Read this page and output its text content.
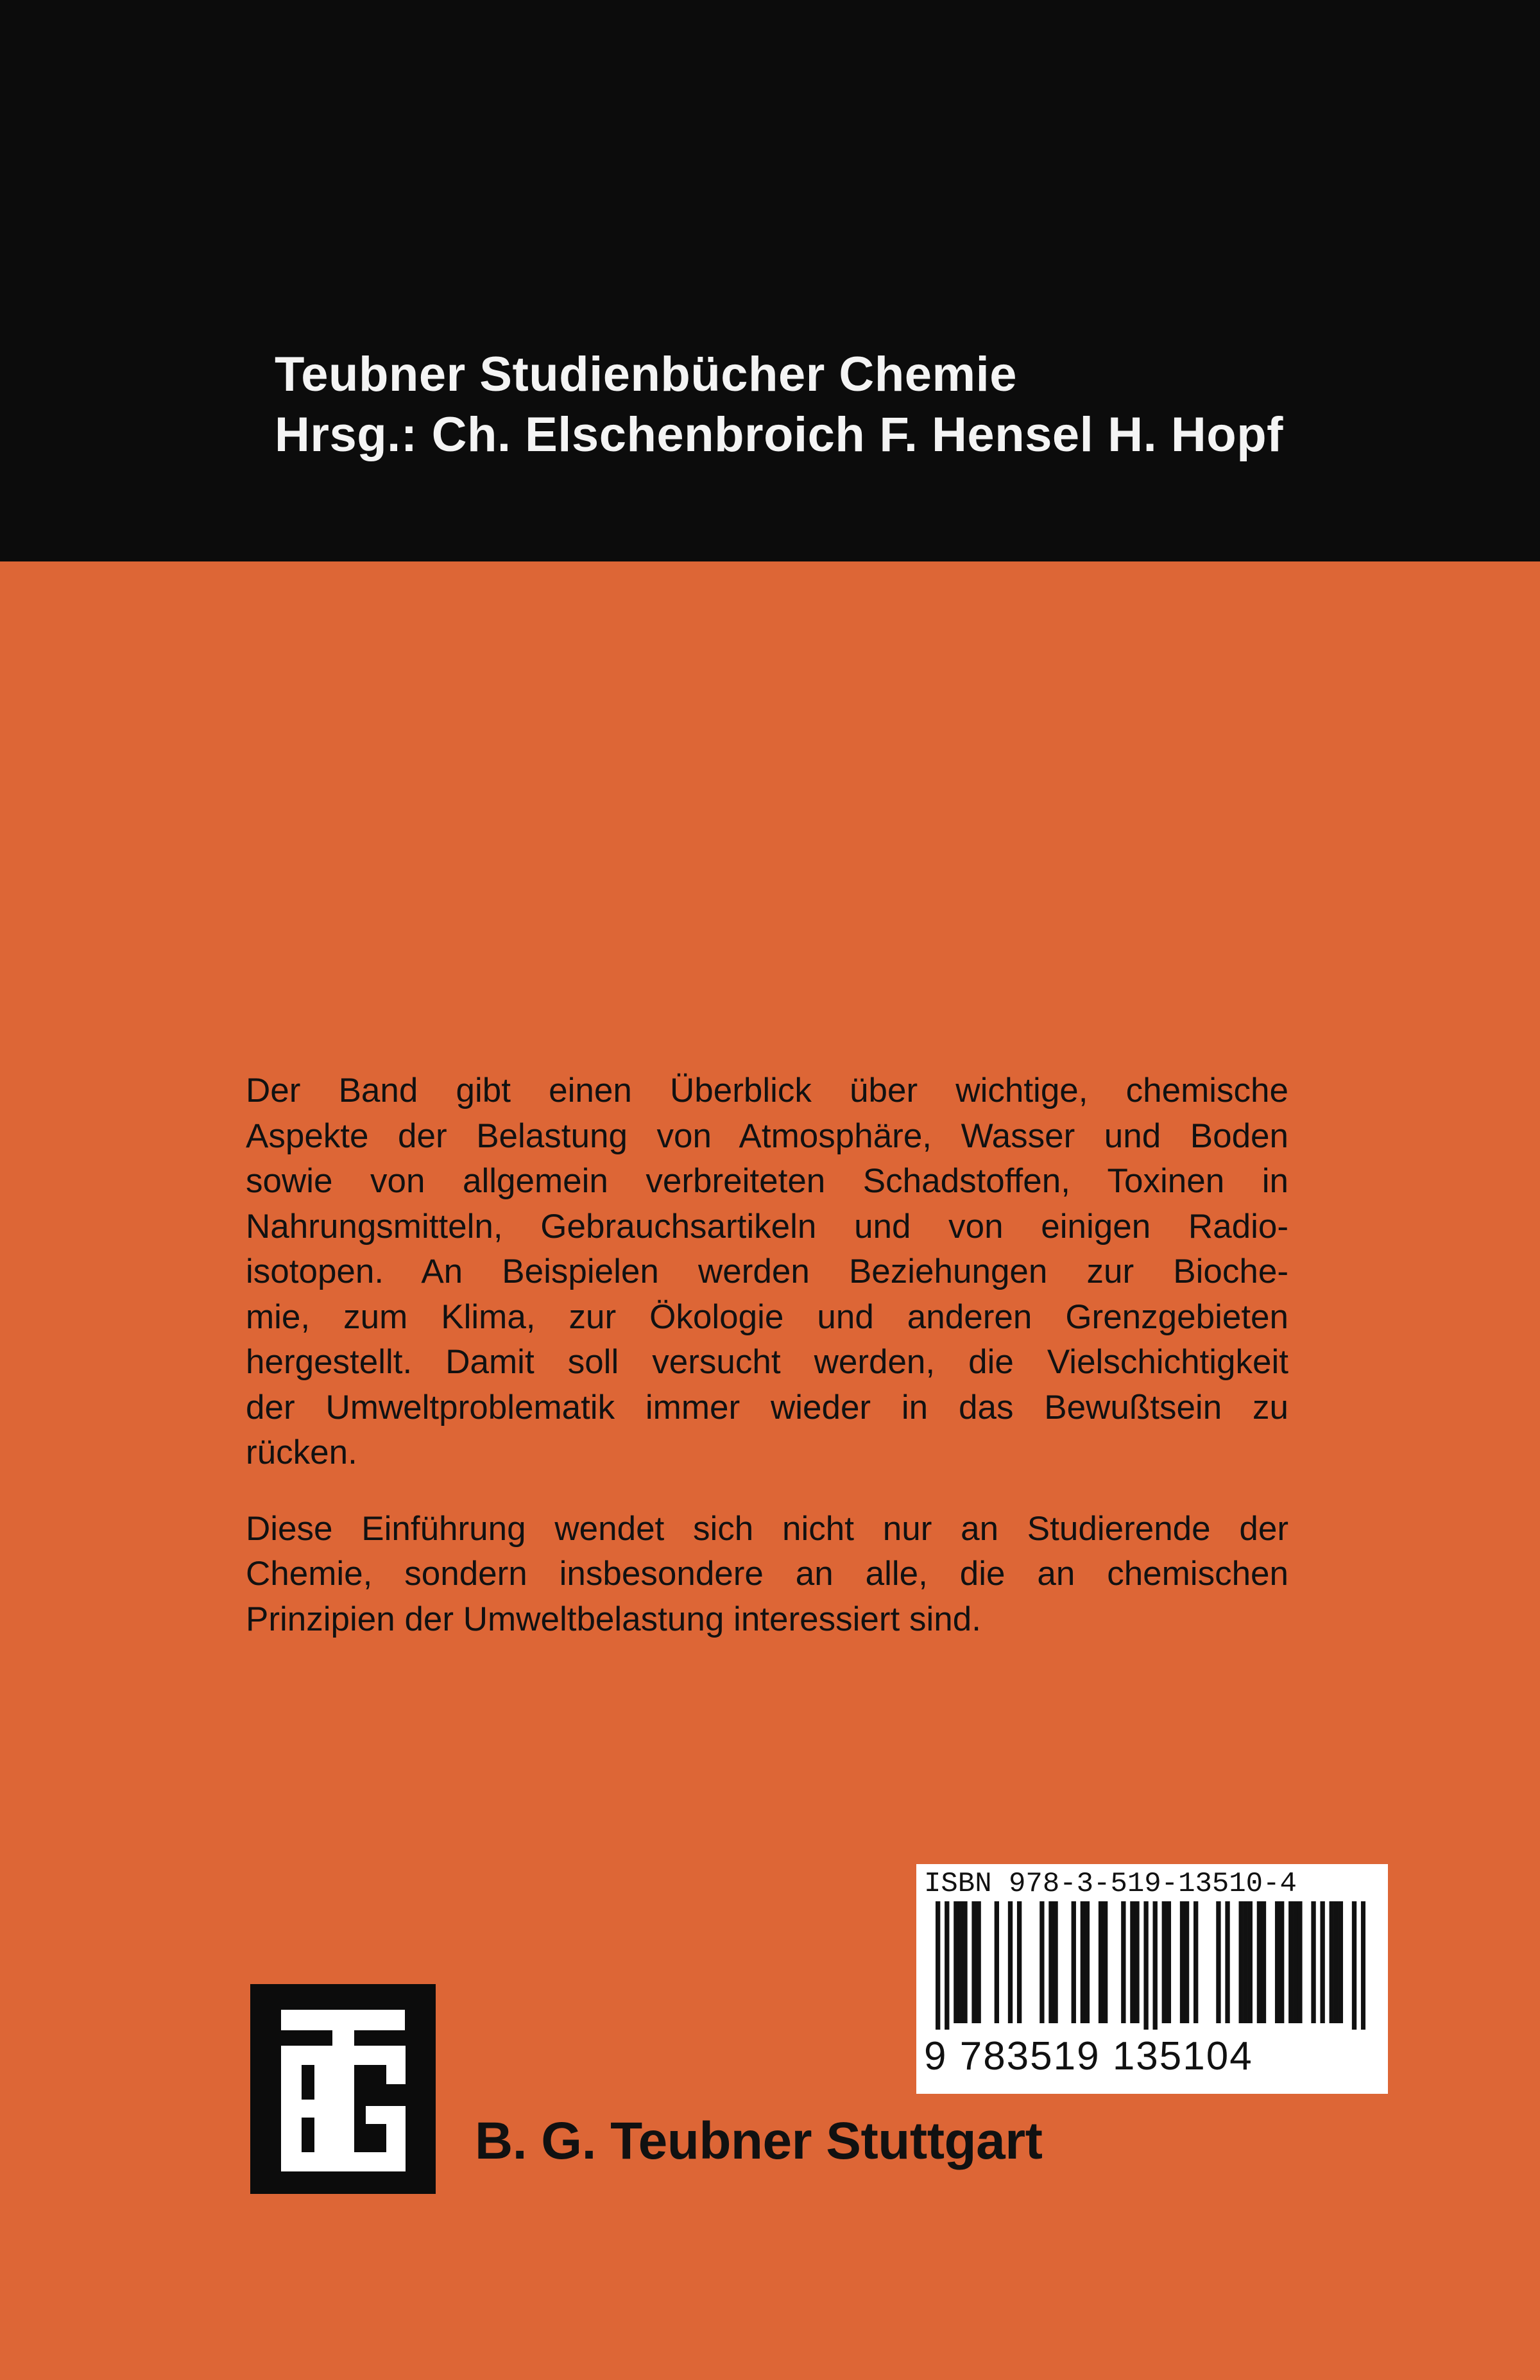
Teubner Studienbücher Chemie
Hrsg.: Ch. Elschenbroich F. Hensel H. Hopf

Der Band gibt einen Überblick über wichtige, chemische
Aspekte der Belastung von Atmosphäre, Wasser und Boden
sowie von allgemein verbreiteten Schadstoffen, Toxinen in
Nahrungsmitteln, Gebrauchsartikeln und von einigen Radio-
isotopen. An Beispielen werden Beziehungen zur Bioche-
mie, zum Klima, zur Ökologie und anderen Grenzgebieten
hergestellt. Damit soll versucht werden, die Vielschichtigkeit
der Umweltproblematik immer wieder in das Bewußtsein zu
rücken.

Diese Einführung wendet sich nicht nur an Studierende der
Chemie, sondern insbesondere an alle, die an chemischen
Prinzipien der Umweltbelastung interessiert sind.

ISBN 978-3-519-13510-4
9 783519 135104
B. G. Teubner Stuttgart
